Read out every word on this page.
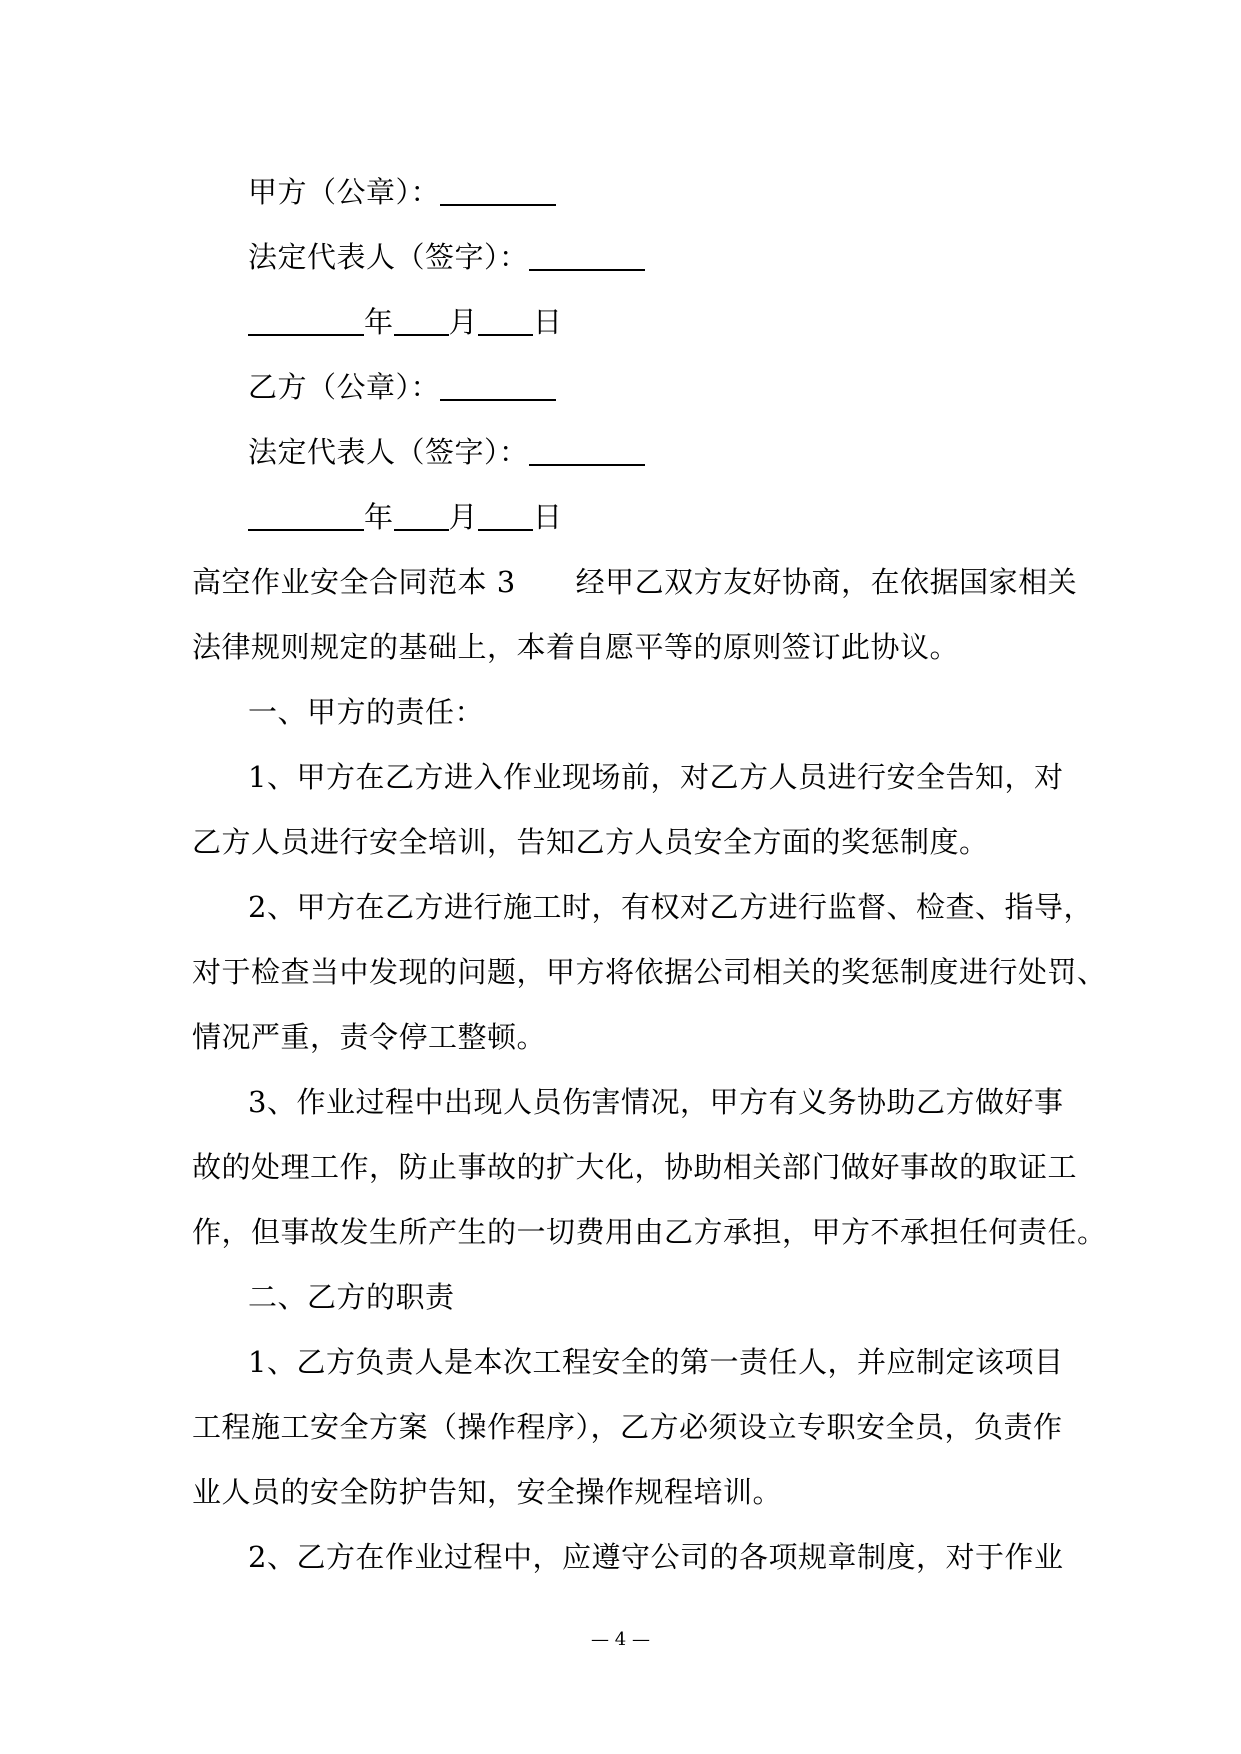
甲方（公章）：
法定代表人（签字）：
年 月 日
乙方（公章）：
法定代表人（签字）：
年 月 日
高空作业安全合同范本 3 经甲乙双方友好协商，在依据国家相关
法律规则规定的基础上，本着自愿平等的原则签订此协议。
一、甲方的责任：
1、甲方在乙方进入作业现场前，对乙方人员进行安全告知，对
乙方人员进行安全培训，告知乙方人员安全方面的奖惩制度。
2、甲方在乙方进行施工时，有权对乙方进行监督、检查、指导，
对于检查当中发现的问题，甲方将依据公司相关的奖惩制度进行处罚、
情况严重，责令停工整顿。
3、作业过程中出现人员伤害情况，甲方有义务协助乙方做好事
故的处理工作，防止事故的扩大化，协助相关部门做好事故的取证工
作，但事故发生所产生的一切费用由乙方承担，甲方不承担任何责任。
二、乙方的职责
1、乙方负责人是本次工程安全的第一责任人，并应制定该项目
工程施工安全方案（操作程序），乙方必须设立专职安全员，负责作
业人员的安全防护告知，安全操作规程培训。
2、乙方在作业过程中，应遵守公司的各项规章制度，对于作业
— 4 —
